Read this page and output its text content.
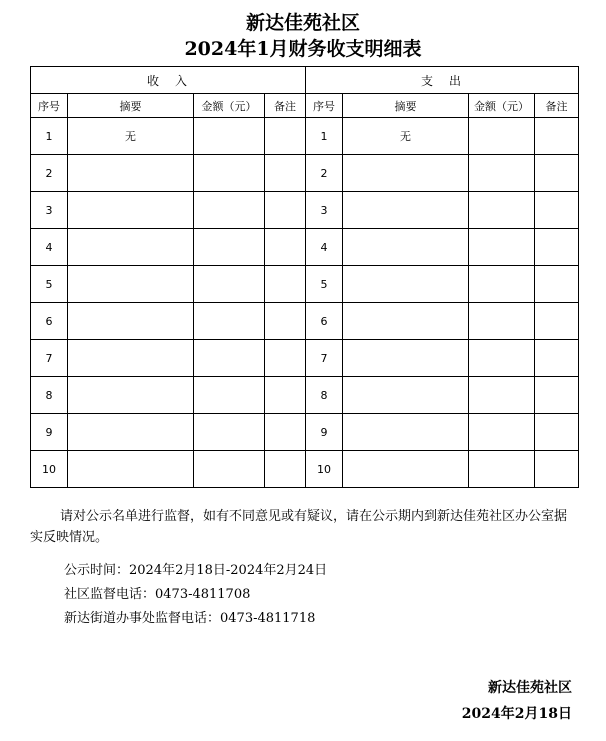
新达佳苑社区
2024年1月财务收支明细表
收　入				支　出			
序号	摘要	金额（元）	备注	序号	摘要	金额（元）	备注
1	无			1	无		
2				2			
3				3			
4				4			
5				5			
6				6			
7				7			
8				8			
9				9			
10				10			

请对公示名单进行监督，如有不同意见或有疑议，请在公示期内到新达佳苑社区办公室据实反映情况。

公示时间：2024年2月18日-2024年2月24日
社区监督电话：0473-4811708
新达街道办事处监督电话：0473-4811718
新达佳苑社区
2024年2月18日
